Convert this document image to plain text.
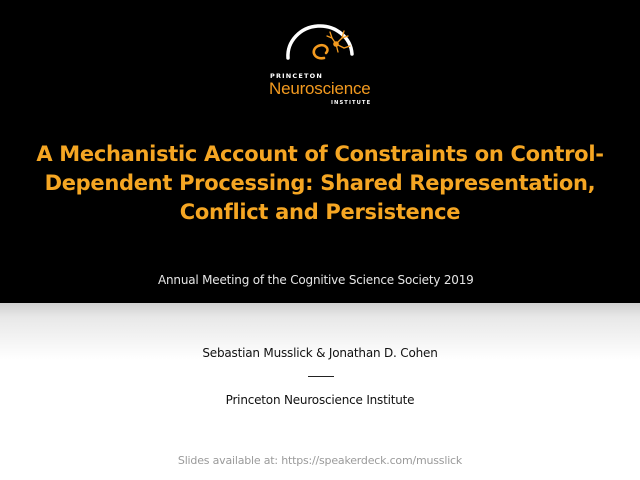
PRINCETON
Neuroscience
INSTITUTE
A Mechanistic Account of Constraints on Control-
Dependent Processing: Shared Representation,
Conflict and Persistence
Annual Meeting of the Cognitive Science Society 2019
Sebastian Musslick & Jonathan D. Cohen
Princeton Neuroscience Institute
Slides available at: https://speakerdeck.com/musslick
